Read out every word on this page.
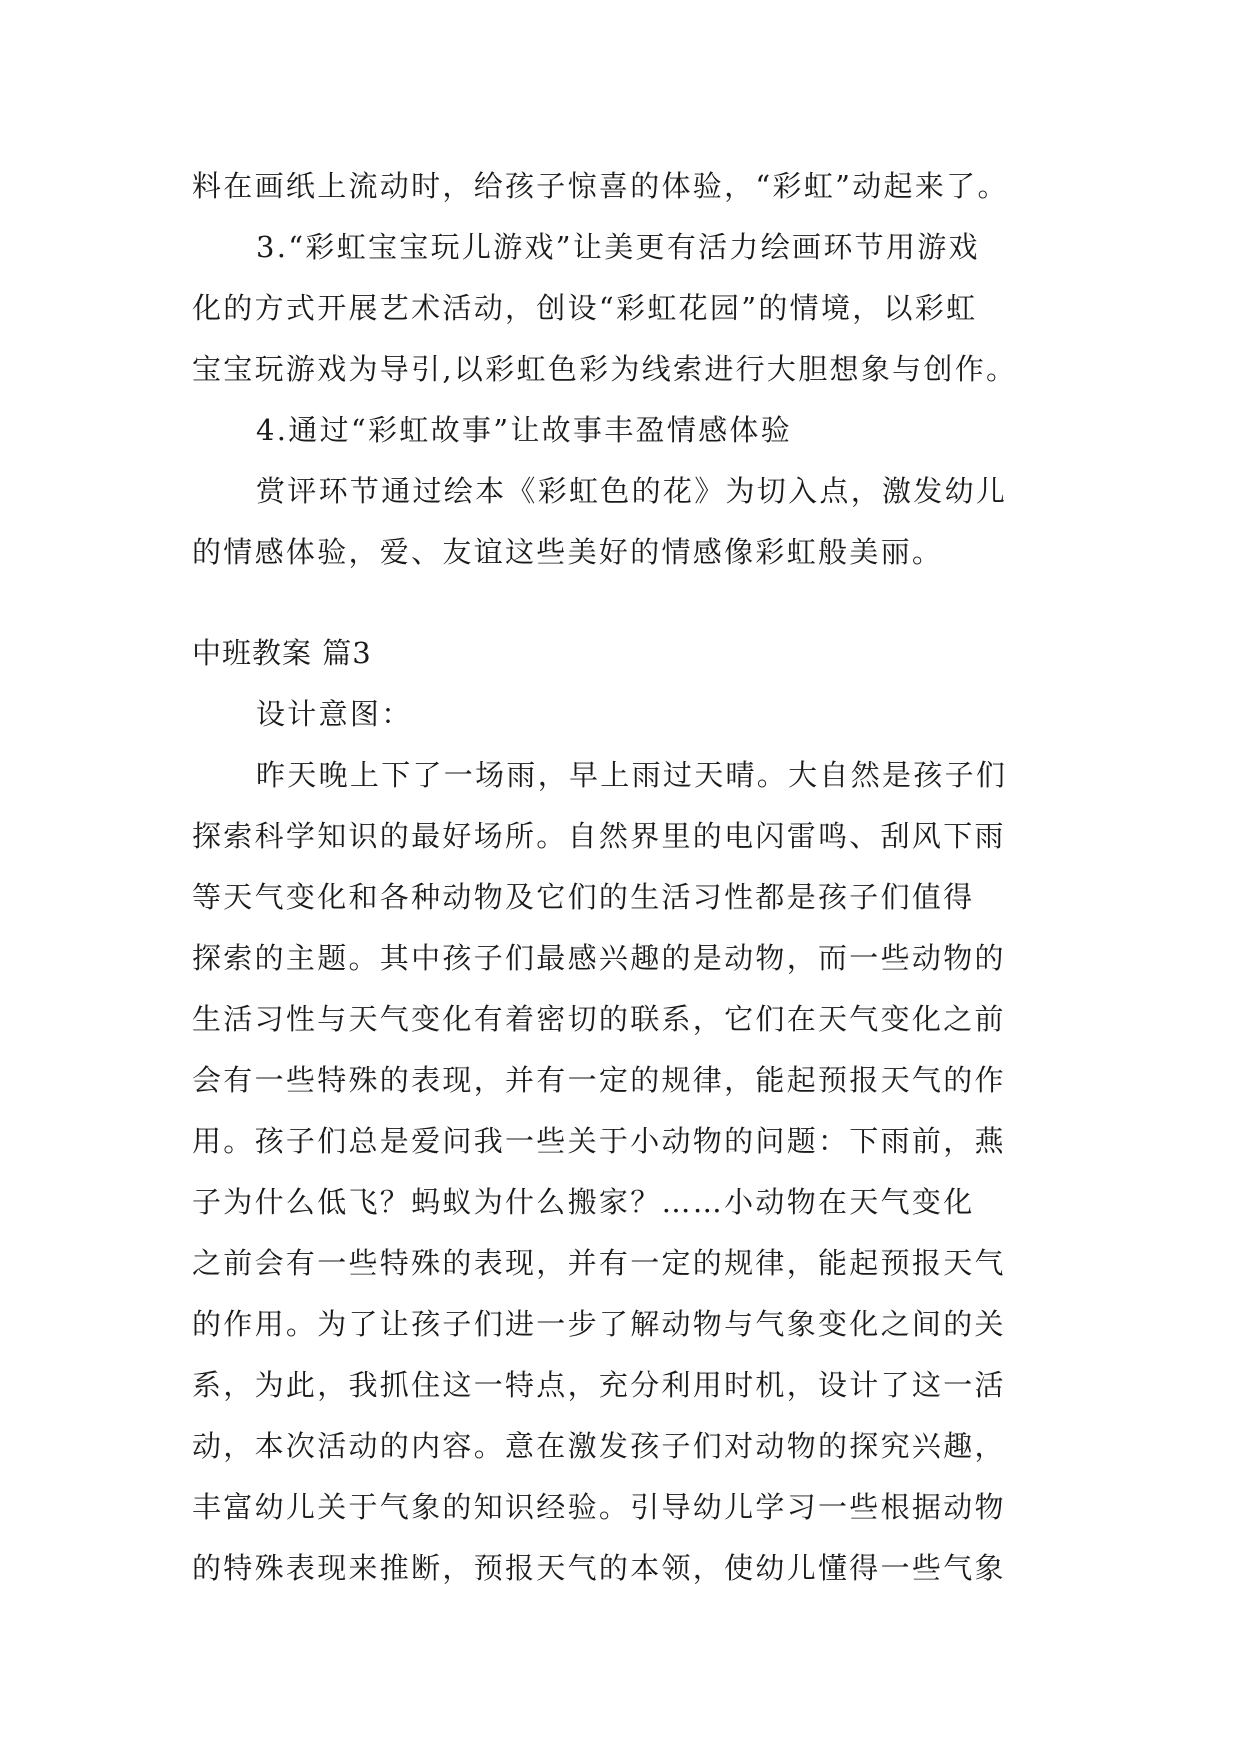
料在画纸上流动时，给孩子惊喜的体验，“彩虹”动起来了。
3.“彩虹宝宝玩儿游戏”让美更有活力绘画环节用游戏
化的方式开展艺术活动，创设“彩虹花园”的情境，以彩虹
宝宝玩游戏为导引,以彩虹色彩为线索进行大胆想象与创作。
4.通过“彩虹故事”让故事丰盈情感体验
赏评环节通过绘本《彩虹色的花》为切入点，激发幼儿
的情感体验，爱、友谊这些美好的情感像彩虹般美丽。
中班教案 篇3
设计意图：
昨天晚上下了一场雨，早上雨过天晴。大自然是孩子们
探索科学知识的最好场所。自然界里的电闪雷鸣、刮风下雨
等天气变化和各种动物及它们的生活习性都是孩子们值得
探索的主题。其中孩子们最感兴趣的是动物，而一些动物的
生活习性与天气变化有着密切的联系，它们在天气变化之前
会有一些特殊的表现，并有一定的规律，能起预报天气的作
用。孩子们总是爱问我一些关于小动物的问题：下雨前，燕
子为什么低飞？蚂蚁为什么搬家？……小动物在天气变化
之前会有一些特殊的表现，并有一定的规律，能起预报天气
的作用。为了让孩子们进一步了解动物与气象变化之间的关
系，为此，我抓住这一特点，充分利用时机，设计了这一活
动，本次活动的内容。意在激发孩子们对动物的探究兴趣，
丰富幼儿关于气象的知识经验。引导幼儿学习一些根据动物
的特殊表现来推断，预报天气的本领，使幼儿懂得一些气象
